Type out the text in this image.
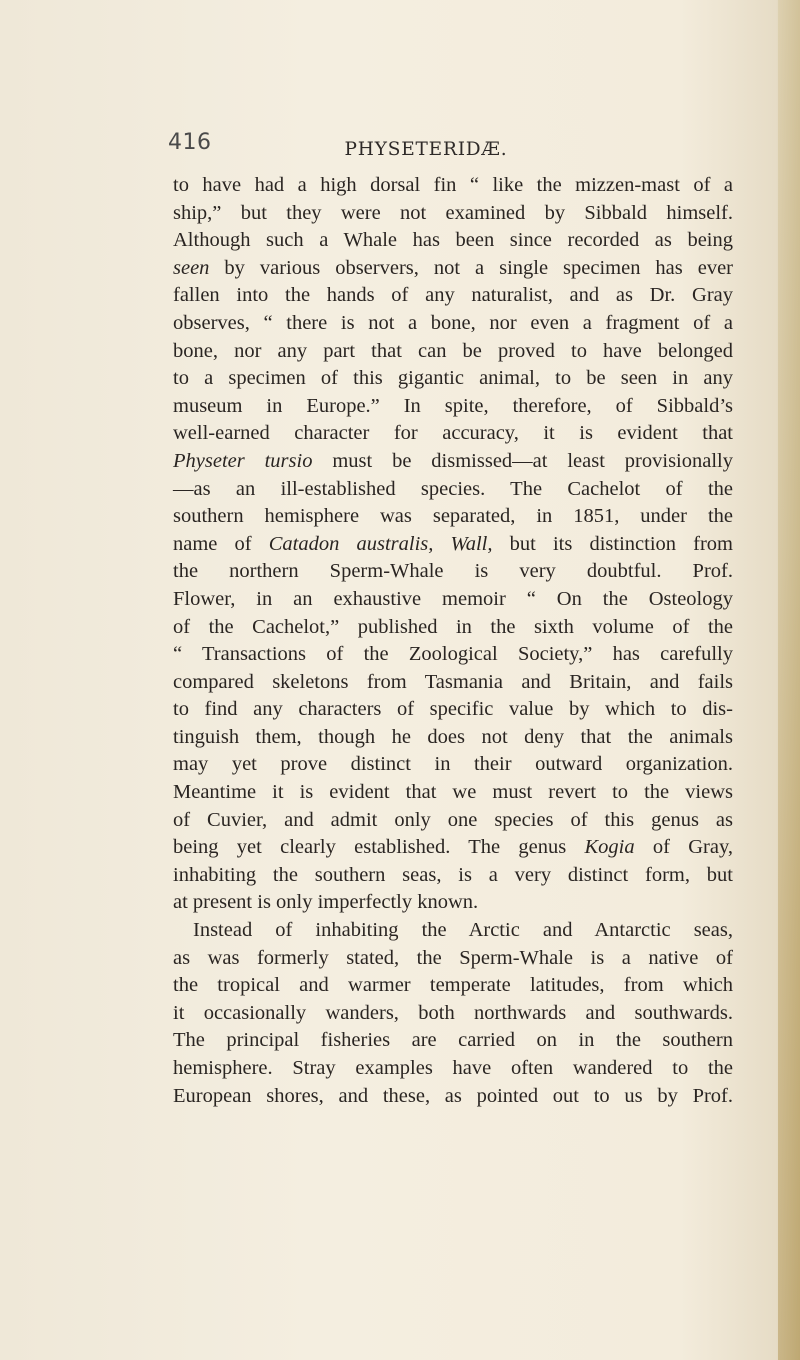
416	PHYSETERIDÆ.
to have had a high dorsal fin “ like the mizzen-mast of a
ship,” but they were not examined by Sibbald himself.
Although such a Whale has been since recorded as being
seen by various observers, not a single specimen has ever
fallen into the hands of any naturalist, and as Dr. Gray
observes, “ there is not a bone, nor even a fragment of a
bone, nor any part that can be proved to have belonged
to a specimen of this gigantic animal, to be seen in any
museum in Europe.” In spite, therefore, of Sibbald’s
well-earned character for accuracy, it is evident that
Physeter tursio must be dismissed—at least provisionally
—as an ill-established species. The Cachelot of the
southern hemisphere was separated, in 1851, under the
name of Catadon australis, Wall, but its distinction from
the northern Sperm-Whale is very doubtful. Prof.
Flower, in an exhaustive memoir “ On the Osteology
of the Cachelot,” published in the sixth volume of the
“ Transactions of the Zoological Society,” has carefully
compared skeletons from Tasmania and Britain, and fails
to find any characters of specific value by which to dis-
tinguish them, though he does not deny that the animals
may yet prove distinct in their outward organization.
Meantime it is evident that we must revert to the views
of Cuvier, and admit only one species of this genus as
being yet clearly established. The genus Kogia of Gray,
inhabiting the southern seas, is a very distinct form, but
at present is only imperfectly known.
Instead of inhabiting the Arctic and Antarctic seas,
as was formerly stated, the Sperm-Whale is a native of
the tropical and warmer temperate latitudes, from which
it occasionally wanders, both northwards and southwards.
The principal fisheries are carried on in the southern
hemisphere. Stray examples have often wandered to the
European shores, and these, as pointed out to us by Prof.
